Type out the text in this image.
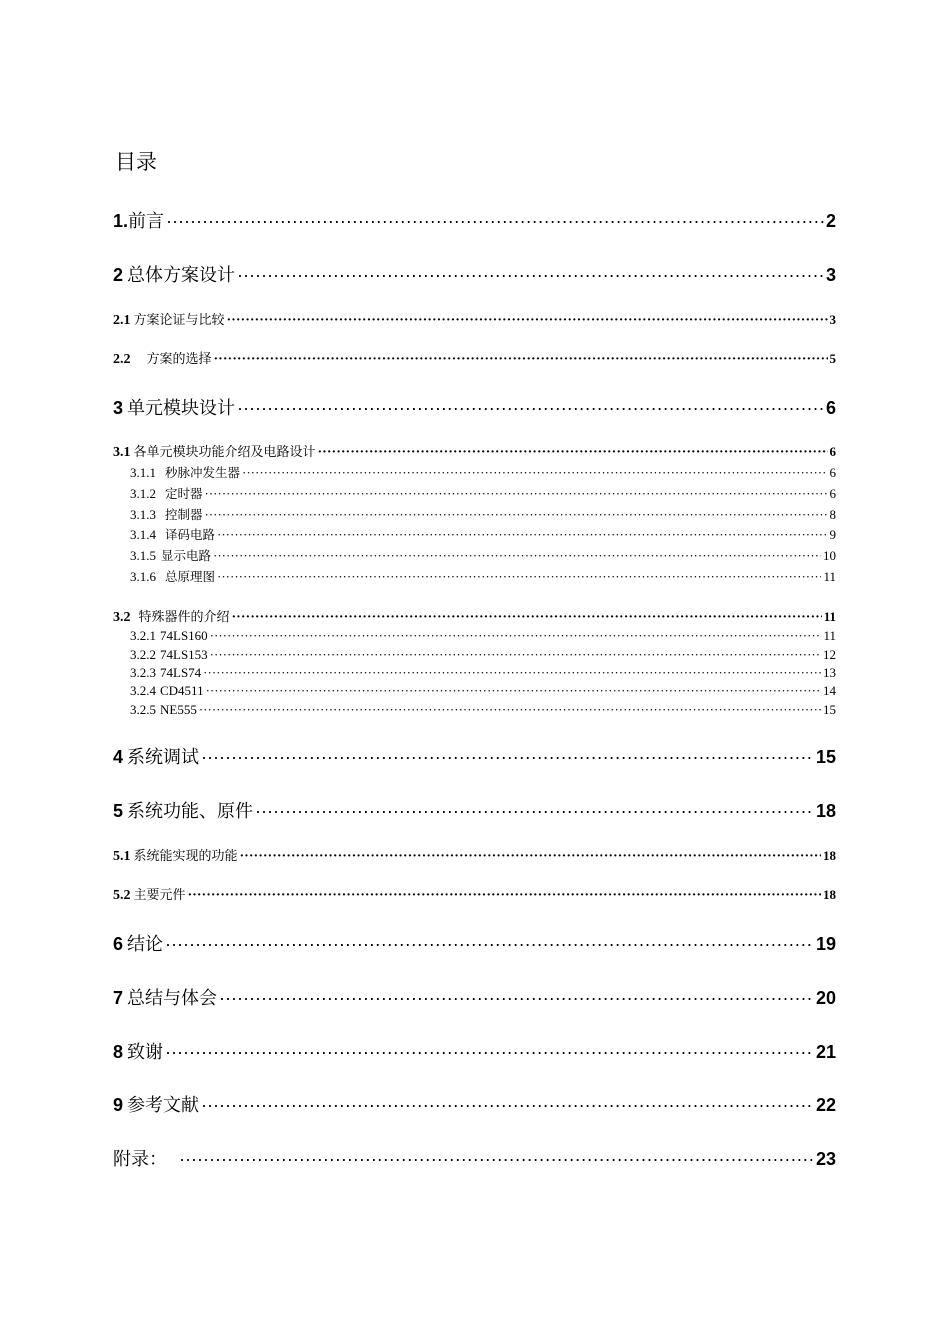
目录
1. 前言 ·····	2
2 总体方案设计 ·····	3
2.1 方案论证与比较 ·····	3
2.2 方案的选择 ·····	5
3 单元模块设计 ·····	6
3.1 各单元模块功能介绍及电路设计 ·····	6
3.1.1 秒脉冲发生器 ·····	6
3.1.2 定时器 ·····	6
3.1.3 控制器 ·····	8
3.1.4 译码电路 ·····	9
3.1.5 显示电路 ·····	10
3.1.6 总原理图 ·····	11
3.2 特殊器件的介绍 ·····	11
3.2.1 74LS160 ·····	11
3.2.2 74LS153 ·····	12
3.2.3 74LS74 ·····	13
3.2.4 CD4511 ·····	14
3.2.5 NE555 ·····	15
4 系统调试 ·····	15
5 系统功能、原件 ·····	18
5.1 系统能实现的功能 ·····	18
5.2 主要元件 ·····	18
6 结论 ·····	19
7 总结与体会 ·····	20
8 致谢 ·····	21
9 参考文献 ·····	22
附录： ·····	23
